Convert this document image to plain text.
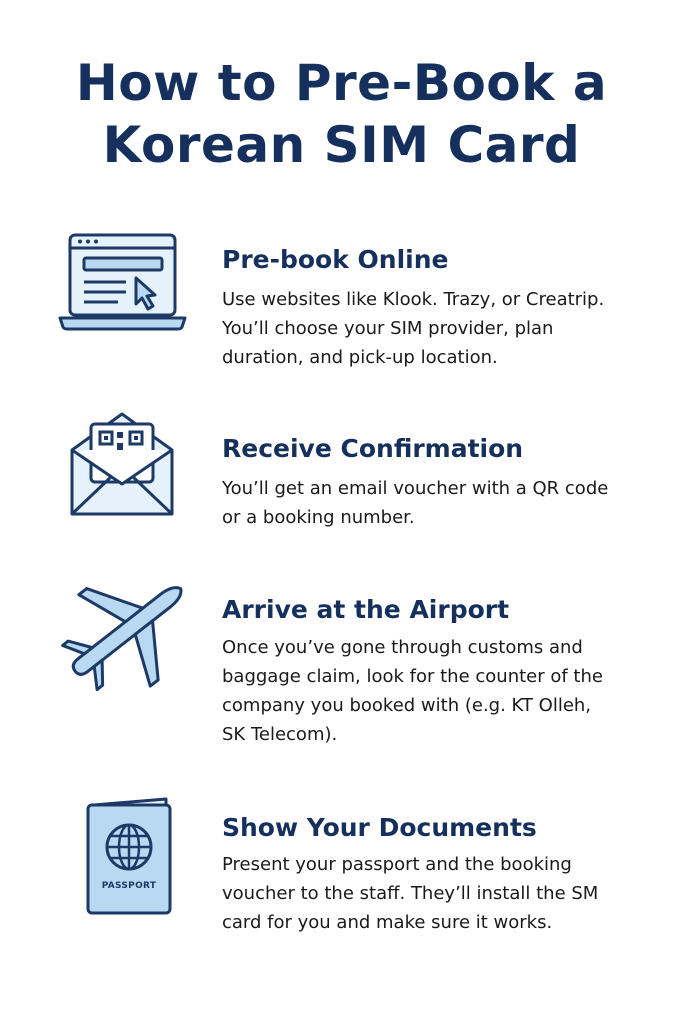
How to Pre-Book a
Korean SIM Card
Pre-book Online
Use websites like Klook. Trazy, or Creatrip.
You’ll choose your SIM provider, plan
duration, and pick-up location.
Receive Confirmation
You’ll get an email voucher with a QR code
or a booking number.
Arrive at the Airport
Once you’ve gone through customs and
baggage claim, look for the counter of the
company you booked with (e.g. KT Olleh,
SK Telecom).
PASSPORT
Show Your Documents
Present your passport and the booking
voucher to the staff. They’ll install the SM
card for you and make sure it works.
